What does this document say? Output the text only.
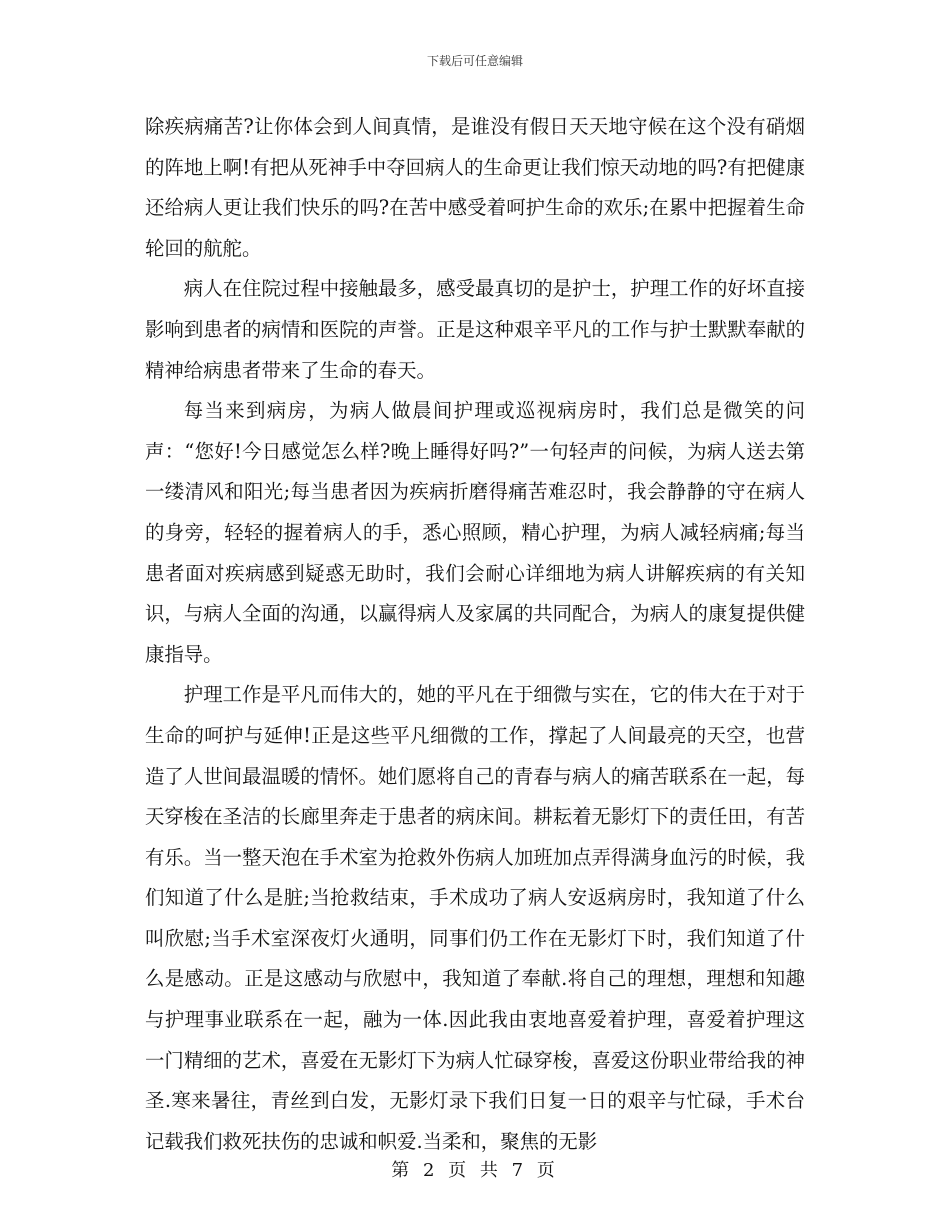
下载后可任意编辑

除疾病痛苦?让你体会到人间真情，是谁没有假日天天地守候在这个没有硝烟的阵地上啊!有把从死神手中夺回病人的生命更让我们惊天动地的吗?有把健康还给病人更让我们快乐的吗?在苦中感受着呵护生命的欢乐;在累中把握着生命轮回的航舵。

病人在住院过程中接触最多，感受最真切的是护士，护理工作的好坏直接影响到患者的病情和医院的声誉。正是这种艰辛平凡的工作与护士默默奉献的精神给病患者带来了生命的春天。

每当来到病房，为病人做晨间护理或巡视病房时，我们总是微笑的问声：“您好!今日感觉怎么样?晚上睡得好吗?”一句轻声的问候，为病人送去第一缕清风和阳光;每当患者因为疾病折磨得痛苦难忍时，我会静静的守在病人的身旁，轻轻的握着病人的手，悉心照顾，精心护理，为病人减轻病痛;每当患者面对疾病感到疑惑无助时，我们会耐心详细地为病人讲解疾病的有关知识，与病人全面的沟通，以赢得病人及家属的共同配合，为病人的康复提供健康指导。

护理工作是平凡而伟大的，她的平凡在于细微与实在，它的伟大在于对于生命的呵护与延伸!正是这些平凡细微的工作，撑起了人间最亮的天空，也营造了人世间最温暖的情怀。她们愿将自己的青春与病人的痛苦联系在一起，每天穿梭在圣洁的长廊里奔走于患者的病床间。耕耘着无影灯下的责任田，有苦有乐。当一整天泡在手术室为抢救外伤病人加班加点弄得满身血污的时候，我们知道了什么是脏;当抢救结束，手术成功了病人安返病房时，我知道了什么叫欣慰;当手术室深夜灯火通明，同事们仍工作在无影灯下时，我们知道了什么是感动。正是这感动与欣慰中，我知道了奉献.将自己的理想，理想和知趣与护理事业联系在一起，融为一体.因此我由衷地喜爱着护理，喜爱着护理这一门精细的艺术，喜爱在无影灯下为病人忙碌穿梭，喜爱这份职业带给我的神圣.寒来暑往，青丝到白发，无影灯录下我们日复一日的艰辛与忙碌，手术台记载我们救死扶伤的忠诚和帜爱.当柔和，聚焦的无影

第 2 页 共 7 页
